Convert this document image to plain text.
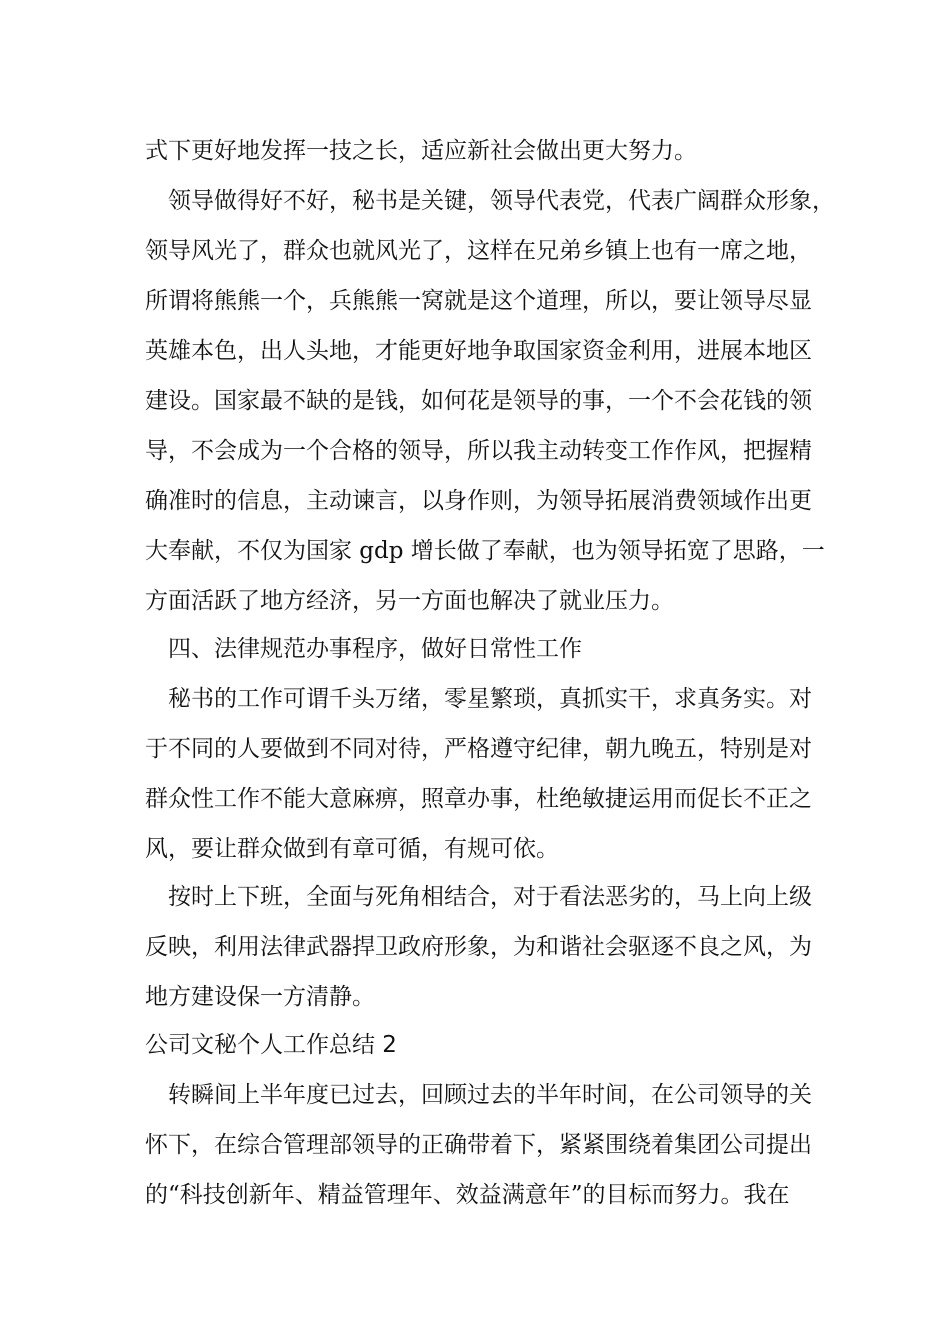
式下更好地发挥一技之长，适应新社会做出更大努力。
领导做得好不好，秘书是关键，领导代表党，代表广阔群众形象，
领导风光了，群众也就风光了，这样在兄弟乡镇上也有一席之地，
所谓将熊熊一个，兵熊熊一窝就是这个道理，所以，要让领导尽显
英雄本色，出人头地，才能更好地争取国家资金利用，进展本地区
建设。国家最不缺的是钱，如何花是领导的事，一个不会花钱的领
导，不会成为一个合格的领导，所以我主动转变工作作风，把握精
确准时的信息，主动谏言，以身作则，为领导拓展消费领域作出更
大奉献，不仅为国家 gdp 增长做了奉献，也为领导拓宽了思路，一
方面活跃了地方经济，另一方面也解决了就业压力。
四、法律规范办事程序，做好日常性工作
秘书的工作可谓千头万绪，零星繁琐，真抓实干，求真务实。对
于不同的人要做到不同对待，严格遵守纪律，朝九晚五，特别是对
群众性工作不能大意麻痹，照章办事，杜绝敏捷运用而促长不正之
风，要让群众做到有章可循，有规可依。
按时上下班，全面与死角相结合，对于看法恶劣的，马上向上级
反映，利用法律武器捍卫政府形象，为和谐社会驱逐不良之风，为
地方建设保一方清静。
公司文秘个人工作总结 2
转瞬间上半年度已过去，回顾过去的半年时间，在公司领导的关
怀下，在综合管理部领导的正确带着下，紧紧围绕着集团公司提出
的“科技创新年、精益管理年、效益满意年”的目标而努力。我在
